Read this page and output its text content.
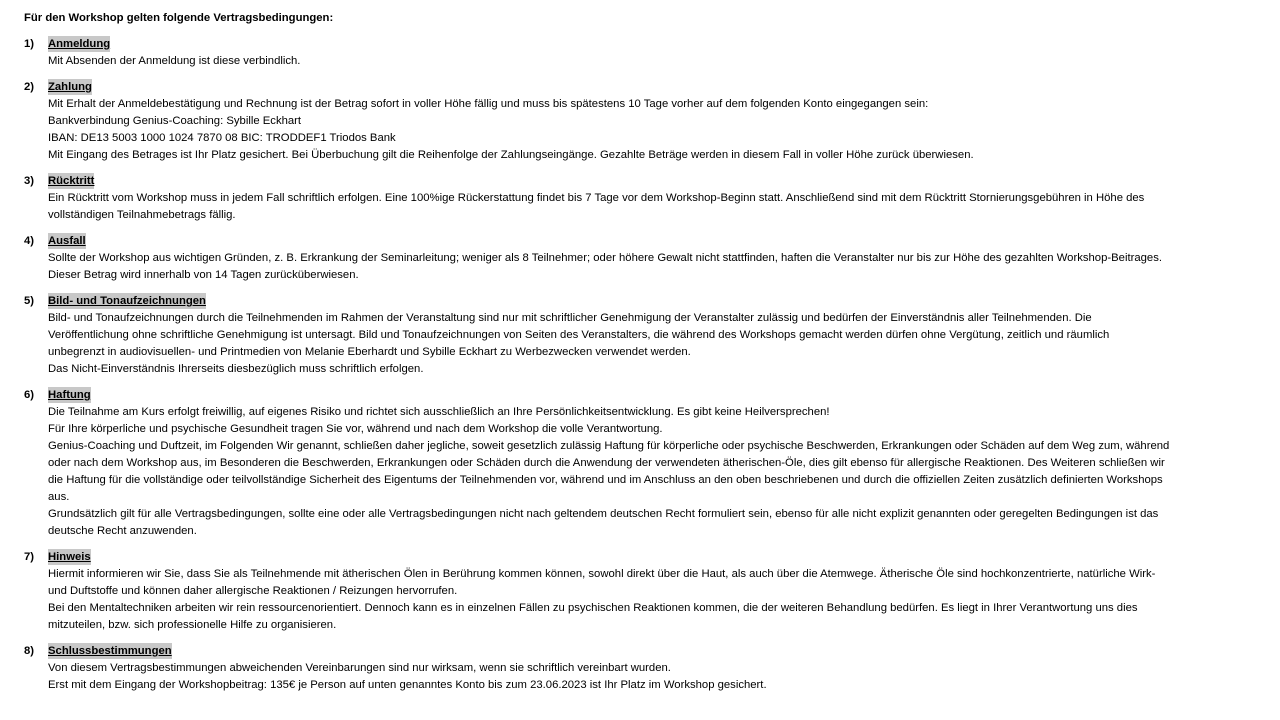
Für den Workshop gelten folgende Vertragsbedingungen:
1)	Anmeldung
Mit Absenden der Anmeldung ist diese verbindlich.
2)	Zahlung
Mit Erhalt der Anmeldebestätigung und Rechnung ist der Betrag sofort in voller Höhe fällig und muss bis spätestens 10 Tage vorher auf dem folgenden Konto eingegangen sein:
Bankverbindung Genius-Coaching: Sybille Eckhart
IBAN: DE13 5003 1000 1024 7870 08 BIC: TRODDEF1 Triodos Bank
Mit Eingang des Betrages ist Ihr Platz gesichert. Bei Überbuchung gilt die Reihenfolge der Zahlungseingänge. Gezahlte Beträge werden in diesem Fall in voller Höhe zurück überwiesen.
3)	Rücktritt
Ein Rücktritt vom Workshop muss in jedem Fall schriftlich erfolgen. Eine 100%ige Rückerstattung findet bis 7 Tage vor dem Workshop-Beginn statt. Anschließend sind mit dem Rücktritt Stornierungsgebühren in Höhe des
vollständigen Teilnahmebetrags fällig.
4)	Ausfall
Sollte der Workshop aus wichtigen Gründen, z. B. Erkrankung der Seminarleitung; weniger als 8 Teilnehmer; oder höhere Gewalt nicht stattfinden, haften die Veranstalter nur bis zur Höhe des gezahlten Workshop-Beitrages.
Dieser Betrag wird innerhalb von 14 Tagen zurücküberwiesen.
5)	Bild- und Tonaufzeichnungen
Bild- und Tonaufzeichnungen durch die Teilnehmenden im Rahmen der Veranstaltung sind nur mit schriftlicher Genehmigung der Veranstalter zulässig und bedürfen der Einverständnis aller Teilnehmenden. Die
Veröffentlichung ohne schriftliche Genehmigung ist untersagt. Bild und Tonaufzeichnungen von Seiten des Veranstalters, die während des Workshops gemacht werden dürfen ohne Vergütung, zeitlich und räumlich
unbegrenzt in audiovisuellen- und Printmedien von Melanie Eberhardt und Sybille Eckhart zu Werbezwecken verwendet werden.
Das Nicht-Einverständnis Ihrerseits diesbezüglich muss schriftlich erfolgen.
6)	Haftung
Die Teilnahme am Kurs erfolgt freiwillig, auf eigenes Risiko und richtet sich ausschließlich an Ihre Persönlichkeitsentwicklung. Es gibt keine Heilversprechen!
Für Ihre körperliche und psychische Gesundheit tragen Sie vor, während und nach dem Workshop die volle Verantwortung.
Genius-Coaching und Duftzeit, im Folgenden Wir genannt, schließen daher jegliche, soweit gesetzlich zulässig Haftung für körperliche oder psychische Beschwerden, Erkrankungen oder Schäden auf dem Weg zum, während
oder nach dem Workshop aus, im Besonderen die Beschwerden, Erkrankungen oder Schäden durch die Anwendung der verwendeten ätherischen-Öle, dies gilt ebenso für allergische Reaktionen. Des Weiteren schließen wir
die Haftung für die vollständige oder teilvollständige Sicherheit des Eigentums der Teilnehmenden vor, während und im Anschluss an den oben beschriebenen und durch die offiziellen Zeiten zusätzlich definierten Workshops
aus.
Grundsätzlich gilt für alle Vertragsbedingungen, sollte eine oder alle Vertragsbedingungen nicht nach geltendem deutschen Recht formuliert sein, ebenso für alle nicht explizit genannten oder geregelten Bedingungen ist das
deutsche Recht anzuwenden.
7)	Hinweis
Hiermit informieren wir Sie, dass Sie als Teilnehmende mit ätherischen Ölen in Berührung kommen können, sowohl direkt über die Haut, als auch über die Atemwege. Ätherische Öle sind hochkonzentrierte, natürliche Wirk-
und Duftstoffe und können daher allergische Reaktionen / Reizungen hervorrufen.
Bei den Mentaltechniken arbeiten wir rein ressourcenorientiert. Dennoch kann es in einzelnen Fällen zu psychischen Reaktionen kommen, die der weiteren Behandlung bedürfen. Es liegt in Ihrer Verantwortung uns dies
mitzuteilen, bzw. sich professionelle Hilfe zu organisieren.
8)	Schlussbestimmungen
Von diesem Vertragsbestimmungen abweichenden Vereinbarungen sind nur wirksam, wenn sie schriftlich vereinbart wurden.
Erst mit dem Eingang der Workshopbeitrag: 135€ je Person auf unten genanntes Konto bis zum 23.06.2023 ist Ihr Platz im Workshop gesichert.
